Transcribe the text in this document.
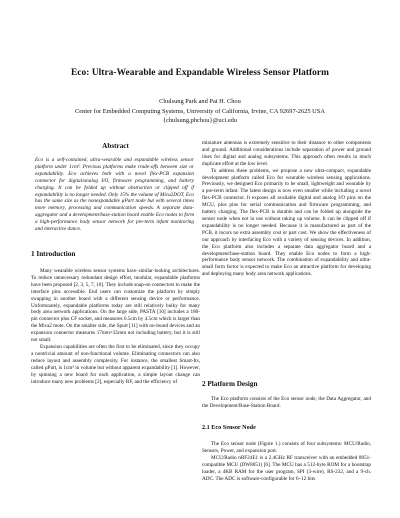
Eco: Ultra-Wearable and Expandable Wireless Sensor Platform
Chulsung Park and Pai H. Chou
Center for Embedded Computing Systems, University of California, Irvine, CA 92697-2625 USA
{chulsung,phchou}@uci.edu
Abstract
Eco is a self-contained, ultra-wearable and expandable wireless sensor platform under 1cm³. Previous platforms make trade-offs between size or expandability. Eco achieves both with a novel flex-PCB expansion connector for digital/analog I/O, firmware programming, and battery charging. It can be folded up without obstruction or clipped off if expandability is no longer needed. Only 15% the volume of Mica2DOT, Eco has the same size as the nonexpandable µPart node but with several times more memory, processing and communication speeds. A separate data-aggregator and a development/base-station board enable Eco nodes to form a high-performance body sensor network for pre-term infant monitoring and interactive dance.
1 Introduction

Many wearable wireless sensor systems have similar-looking architectures. To reduce unnecessary redundant design effort, modular, expandable platforms have been proposed [2, 3, 5, 7, 10]. They include snap-on connectors to make the interface pins accessible. End users can customize the platform by simply swapping in another board with a different sensing device or performance. Unfortunately, expandable platforms today are still relatively bulky for many body area network applications. On the large side, PASTA [10] includes a 180-pin connector plus CF socket, and measures 6.5cm by 4.5cm which is larger than the Mica2 mote. On the smaller side, the Spurt [11] with on-board devices and an expansion connector measures 17mm×35mm not including battery, but it is still not small.

Expansion capabilities are often the first to be eliminated, since they occupy a nontrivial amount of non-functional volume. Eliminating connectors can also reduce layout and assembly complexity. For instance, the smallest Smart-Its, called µPart, is 1cm³ in volume but without apparent expandability [1]. However, by spinning a new board for each application, a simple layout change can introduce many new problems [2], especially RF, and the efficiency of

miniature antennas is extremely sensitive to their distance to other components and ground. Additional considerations include separation of power and ground lines for digital and analog subsystems. This approach often results in much duplicate effort at the low level.

To address these problems, we propose a new ultra-compact, expandable development platform called Eco for wearable wireless sensing applications. Previously, we designed Eco primarily to be small, lightweight and wearable by a pre-term infant. The latest design is now even smaller while including a novel flex-PCB connector. It exposes all available digital and analog I/O pins on the MCU, plus pins for serial communication and firmware programming, and battery charging. The flex-PCB is durable and can be folded up alongside the sensor node when not in use without taking up volume. It can be clipped off if expandability is no longer needed. Because it is manufactured as part of the PCB, it incurs no extra assembly cost or part cost. We show the effectiveness of our approach by interfacing Eco with a variety of sensing devices. In addition, the Eco platform also includes a separate data aggregator board and a development/base-station board. They enable Eco nodes to form a high-performance body sensor network. The combination of expandability and ultra-small form factor is expected to make Eco an attractive platform for developing and deploying many body area network applications.

2 Platform Design

The Eco platform consists of the Eco sensor node, the Data Aggregator, and the Development/Base-Station Board.

2.1 Eco Sensor Node

The Eco sensor node (Figure 1.) consists of four subsystems: MCU/Radio, Sensors, Power, and expansion port.

MCU/Radio nRF24E1 is a 2.4GHz RF transceiver with an embedded 8051-compatible MCU (DW8051) [6]. The MCU has a 512-byte ROM for a bootstrap loader, a 4KB RAM for the user program, SPI (3-wire), RS-232, and a 9-ch. ADC. The ADC is software-configurable for 6–12 bits
